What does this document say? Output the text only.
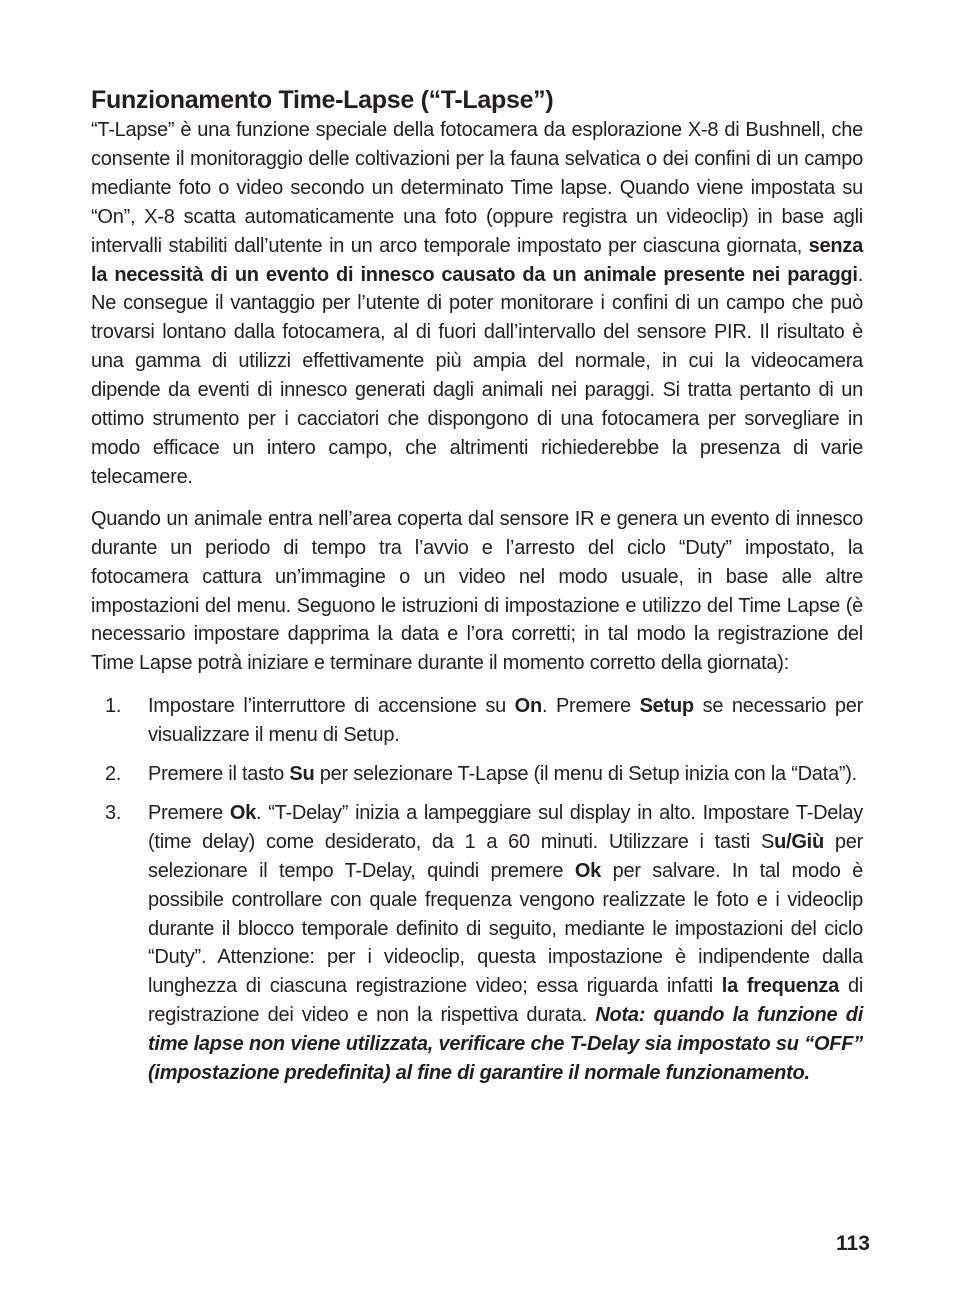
Funzionamento Time-Lapse (“T-Lapse”)

“T-Lapse” è una funzione speciale della fotocamera da esplorazione X-8 di Bushnell, che consente il monitoraggio delle coltivazioni per la fauna selvatica o dei confini di un campo mediante foto o video secondo un determinato Time lapse. Quando viene impostata su “On”, X-8 scatta automaticamente una foto (oppure registra un videoclip) in base agli intervalli stabiliti dall’utente in un arco temporale impostato per ciascuna giornata, senza la necessità di un evento di innesco causato da un animale presente nei paraggi. Ne consegue il vantaggio per l’utente di poter monitorare i confini di un campo che può trovarsi lontano dalla fotocamera, al di fuori dall’intervallo del sensore PIR. Il risultato è una gamma di utilizzi effettivamente più ampia del normale, in cui la videocamera dipende da eventi di innesco generati dagli animali nei paraggi. Si tratta pertanto di un ottimo strumento per i cacciatori che dispongono di una fotocamera per sorvegliare in modo efficace un intero campo, che altrimenti richiederebbe la presenza di varie telecamere.

Quando un animale entra nell’area coperta dal sensore IR e genera un evento di innesco durante un periodo di tempo tra l’avvio e l’arresto del ciclo “Duty” impostato, la fotocamera cattura un’immagine o un video nel modo usuale, in base alle altre impostazioni del menu. Seguono le istruzioni di impostazione e utilizzo del Time Lapse (è necessario impostare dapprima la data e l’ora corretti; in tal modo la registrazione del Time Lapse potrà iniziare e terminare durante il momento corretto della giornata):

1. Impostare l’interruttore di accensione su On. Premere Setup se necessario per visualizzare il menu di Setup.
2. Premere il tasto Su per selezionare T-Lapse (il menu di Setup inizia con la “Data”).
3. Premere Ok. “T-Delay” inizia a lampeggiare sul display in alto. Impostare T-Delay (time delay) come desiderato, da 1 a 60 minuti. Utilizzare i tasti Su/Giù per selezionare il tempo T-Delay, quindi premere Ok per salvare. In tal modo è possibile controllare con quale frequenza vengono realizzate le foto e i videoclip durante il blocco temporale definito di seguito, mediante le impostazioni del ciclo “Duty”. Attenzione: per i videoclip, questa impostazione è indipendente dalla lunghezza di ciascuna registrazione video; essa riguarda infatti la frequenza di registrazione dei video e non la rispettiva durata. Nota: quando la funzione di time lapse non viene utilizzata, verificare che T-Delay sia impostato su “OFF” (impostazione predefinita) al fine di garantire il normale funzionamento.
113
